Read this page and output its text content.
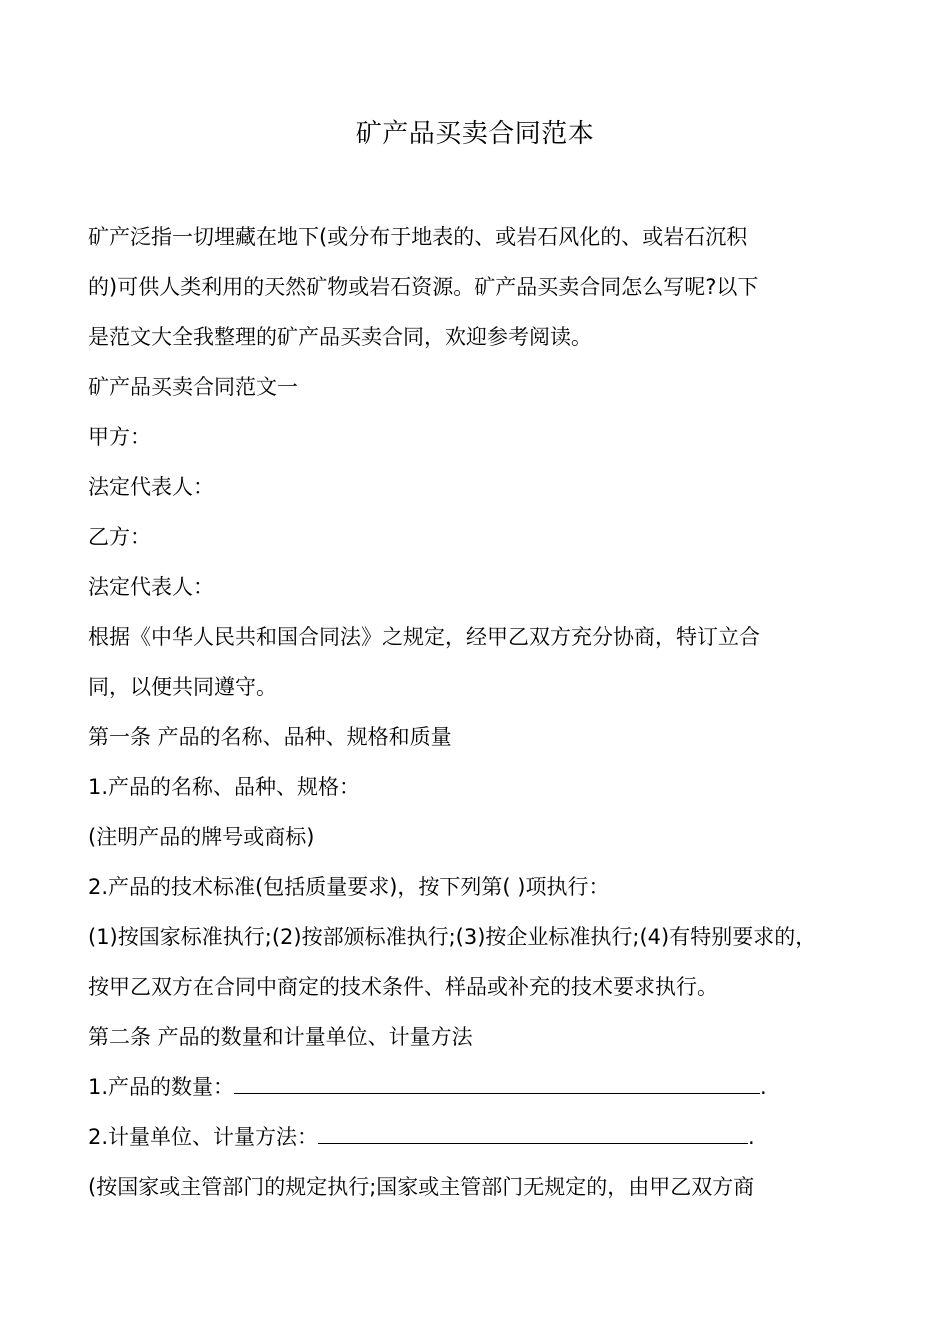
矿产品买卖合同范本
矿产泛指一切埋藏在地下(或分布于地表的、或岩石风化的、或岩石沉积
的)可供人类利用的天然矿物或岩石资源。矿产品买卖合同怎么写呢?以下
是范文大全我整理的矿产品买卖合同，欢迎参考阅读。
矿产品买卖合同范文一
甲方：
法定代表人：
乙方：
法定代表人：
根据《中华人民共和国合同法》之规定，经甲乙双方充分协商，特订立合
同，以便共同遵守。
第一条 产品的名称、品种、规格和质量
1.产品的名称、品种、规格：
(注明产品的牌号或商标)
2.产品的技术标准(包括质量要求)，按下列第( )项执行：
(1)按国家标准执行;(2)按部颁标准执行;(3)按企业标准执行;(4)有特别要求的，
按甲乙双方在合同中商定的技术条件、样品或补充的技术要求执行。
第二条 产品的数量和计量单位、计量方法
1.产品的数量：	.
2.计量单位、计量方法：	.
(按国家或主管部门的规定执行;国家或主管部门无规定的，由甲乙双方商
